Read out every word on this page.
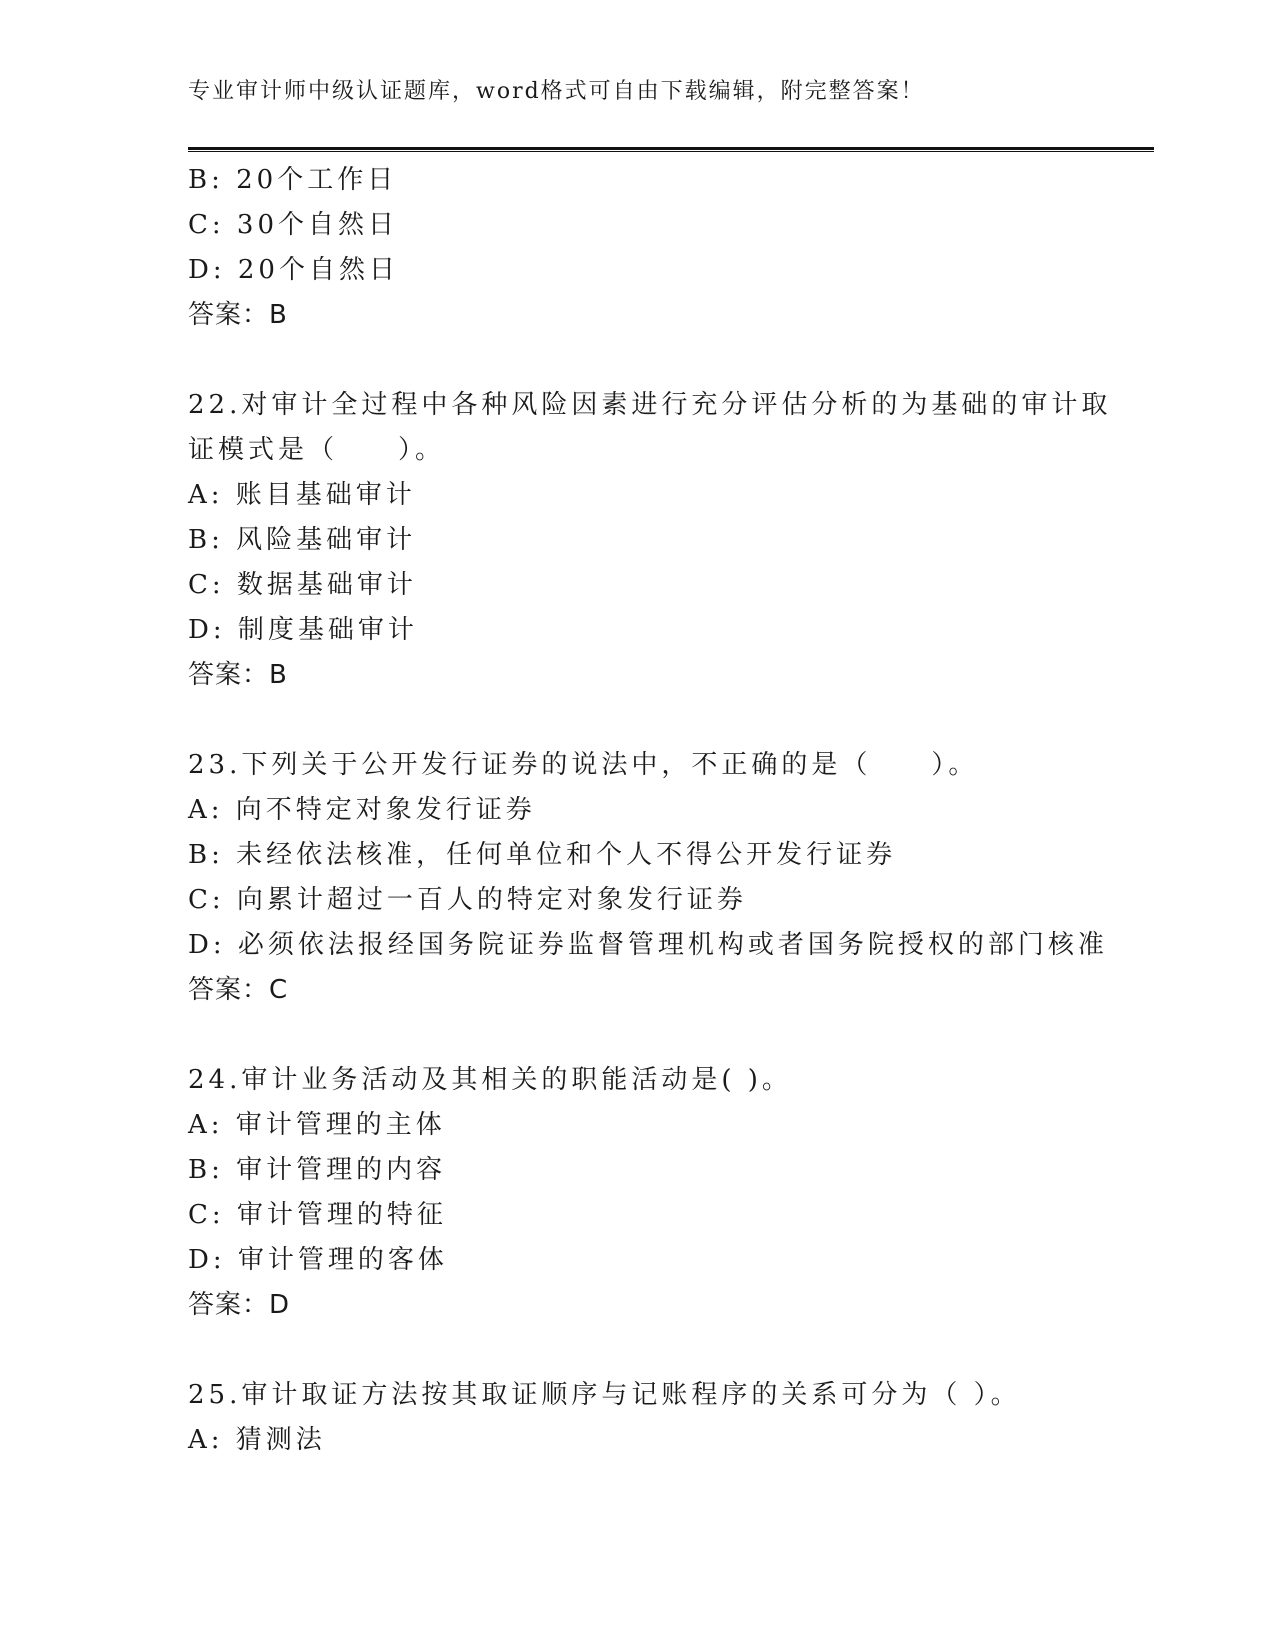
专业审计师中级认证题库，word格式可自由下载编辑，附完整答案！
B: 20个工作日
C: 30个自然日
D: 20个自然日
答案：B
22.对审计全过程中各种风险因素进行充分评估分析的为基础的审计取
证模式是（　　）。
A: 账目基础审计
B: 风险基础审计
C: 数据基础审计
D: 制度基础审计
答案：B
23.下列关于公开发行证券的说法中，不正确的是（　　）。
A: 向不特定对象发行证券
B: 未经依法核准，任何单位和个人不得公开发行证券
C: 向累计超过一百人的特定对象发行证券
D: 必须依法报经国务院证券监督管理机构或者国务院授权的部门核准
答案：C
24.审计业务活动及其相关的职能活动是( )。
A: 审计管理的主体
B: 审计管理的内容
C: 审计管理的特征
D: 审计管理的客体
答案：D
25.审计取证方法按其取证顺序与记账程序的关系可分为（ ）。
A: 猜测法
